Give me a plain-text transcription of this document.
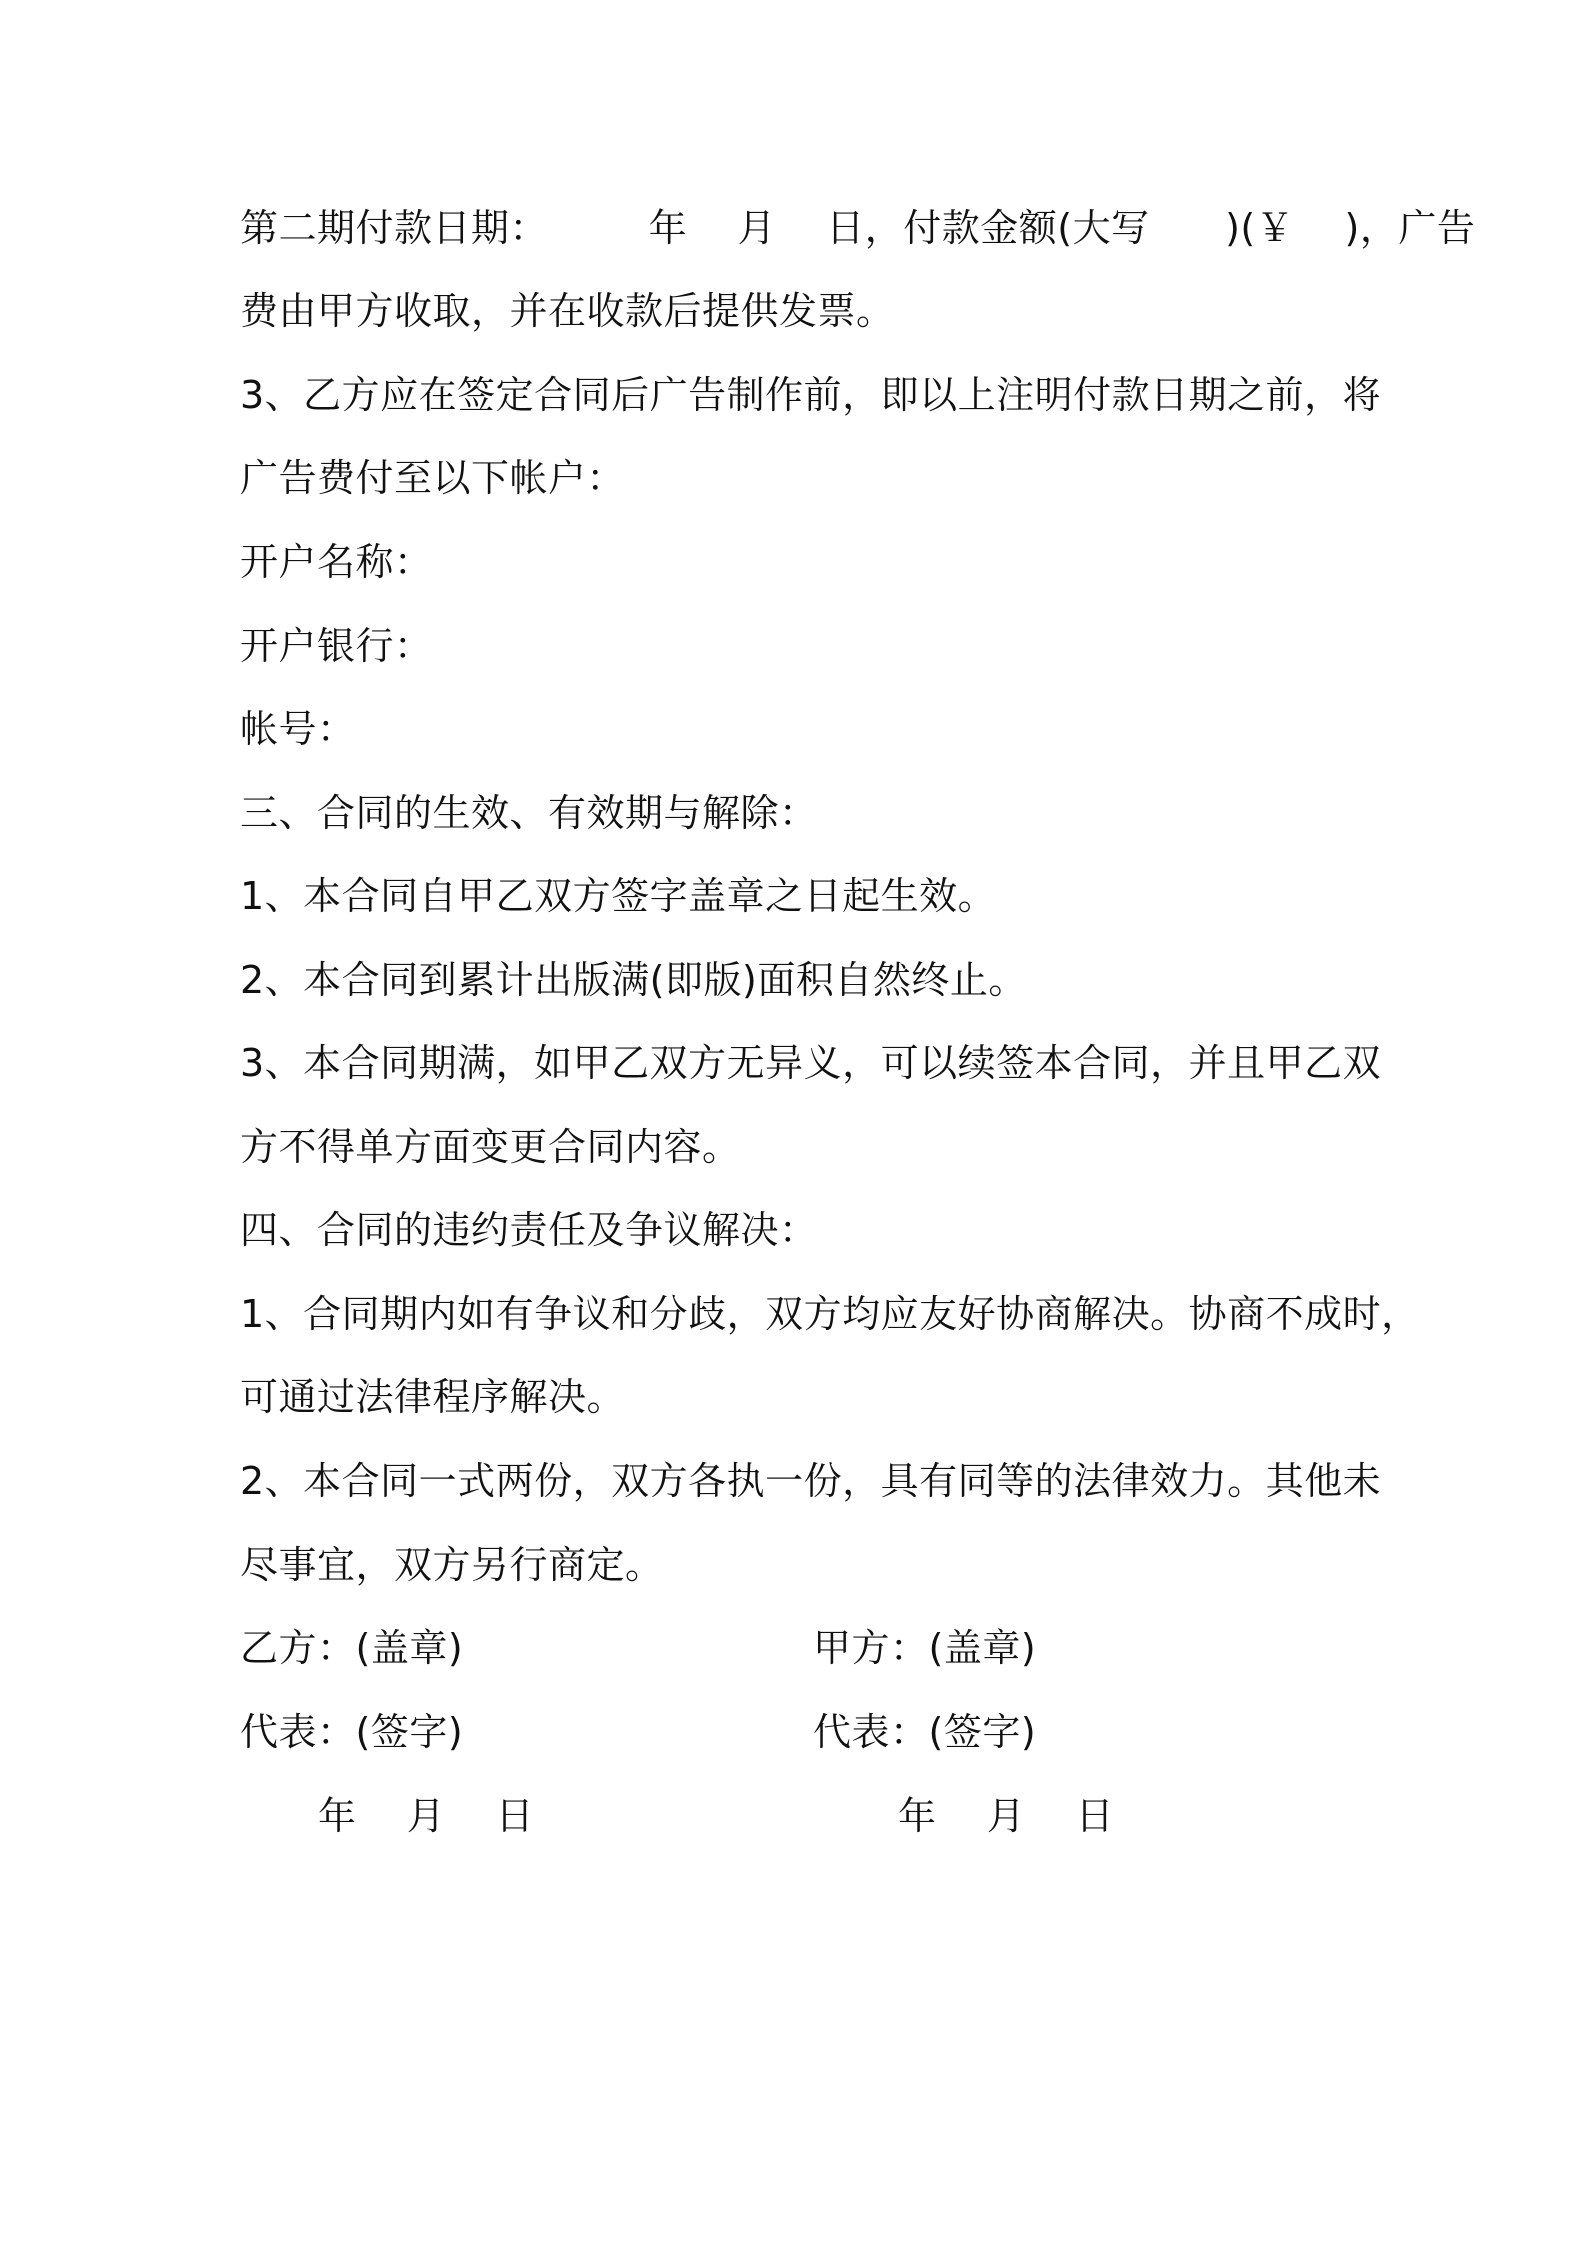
第二期付款日期：        年    月    日，付款金额(大写      )(￥    )，广告
费由甲方收取，并在收款后提供发票。
3、乙方应在签定合同后广告制作前，即以上注明付款日期之前，将
广告费付至以下帐户：
开户名称：
开户银行：
帐号：
三、合同的生效、有效期与解除：
1、本合同自甲乙双方签字盖章之日起生效。
2、本合同到累计出版满(即版)面积自然终止。
3、本合同期满，如甲乙双方无异义，可以续签本合同，并且甲乙双
方不得单方面变更合同内容。
四、合同的违约责任及争议解决：
1、合同期内如有争议和分歧，双方均应友好协商解决。协商不成时，
可通过法律程序解决。
2、本合同一式两份，双方各执一份，具有同等的法律效力。其他未
尽事宜，双方另行商定。
乙方：(盖章)	甲方：(盖章)
代表：(签字)	代表：(签字)
年    月    日	年    月    日
